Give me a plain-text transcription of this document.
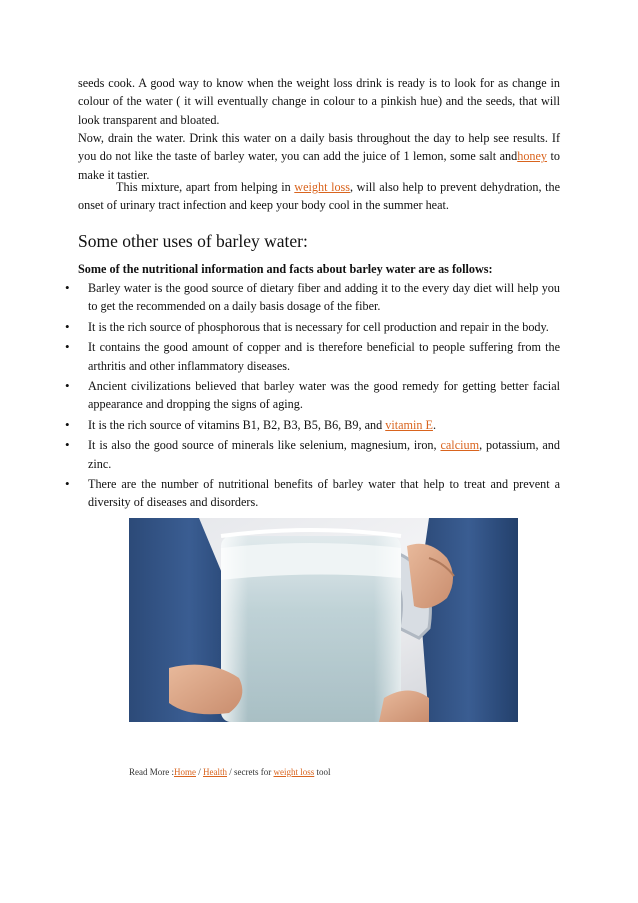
seeds cook. A good way to know when the weight loss drink is ready is to look for as change in colour of the water ( it will eventually change in colour to a pinkish hue) and the seeds, that will look transparent and bloated.

Now, drain the water. Drink this water on a daily basis throughout the day to help see results. If you do not like the taste of barley water, you can add the juice of 1 lemon, some salt andhoney to make it tastier.

This mixture, apart from helping in weight loss, will also help to prevent dehydration, the onset of urinary tract infection and keep your body cool in the summer heat.

Some other uses of barley water:

Some of the nutritional information and facts about barley water are as follows:

• Barley water is the good source of dietary fiber and adding it to the every day diet will help you to get the recommended on a daily basis dosage of the fiber.
• It is the rich source of phosphorous that is necessary for cell production and repair in the body.
• It contains the good amount of copper and is therefore beneficial to people suffering from the arthritis and other inflammatory diseases.
• Ancient civilizations believed that barley water was the good remedy for getting better facial appearance and dropping the signs of aging.
• It is the rich source of vitamins B1, B2, B3, B5, B6, B9, and vitamin E.
• It is also the good source of minerals like selenium, magnesium, iron, calcium, potassium, and zinc.
• There are the number of nutritional benefits of barley water that help to treat and prevent a diversity of diseases and disorders.

Read More :Home / Health / secrets for weight loss tool
